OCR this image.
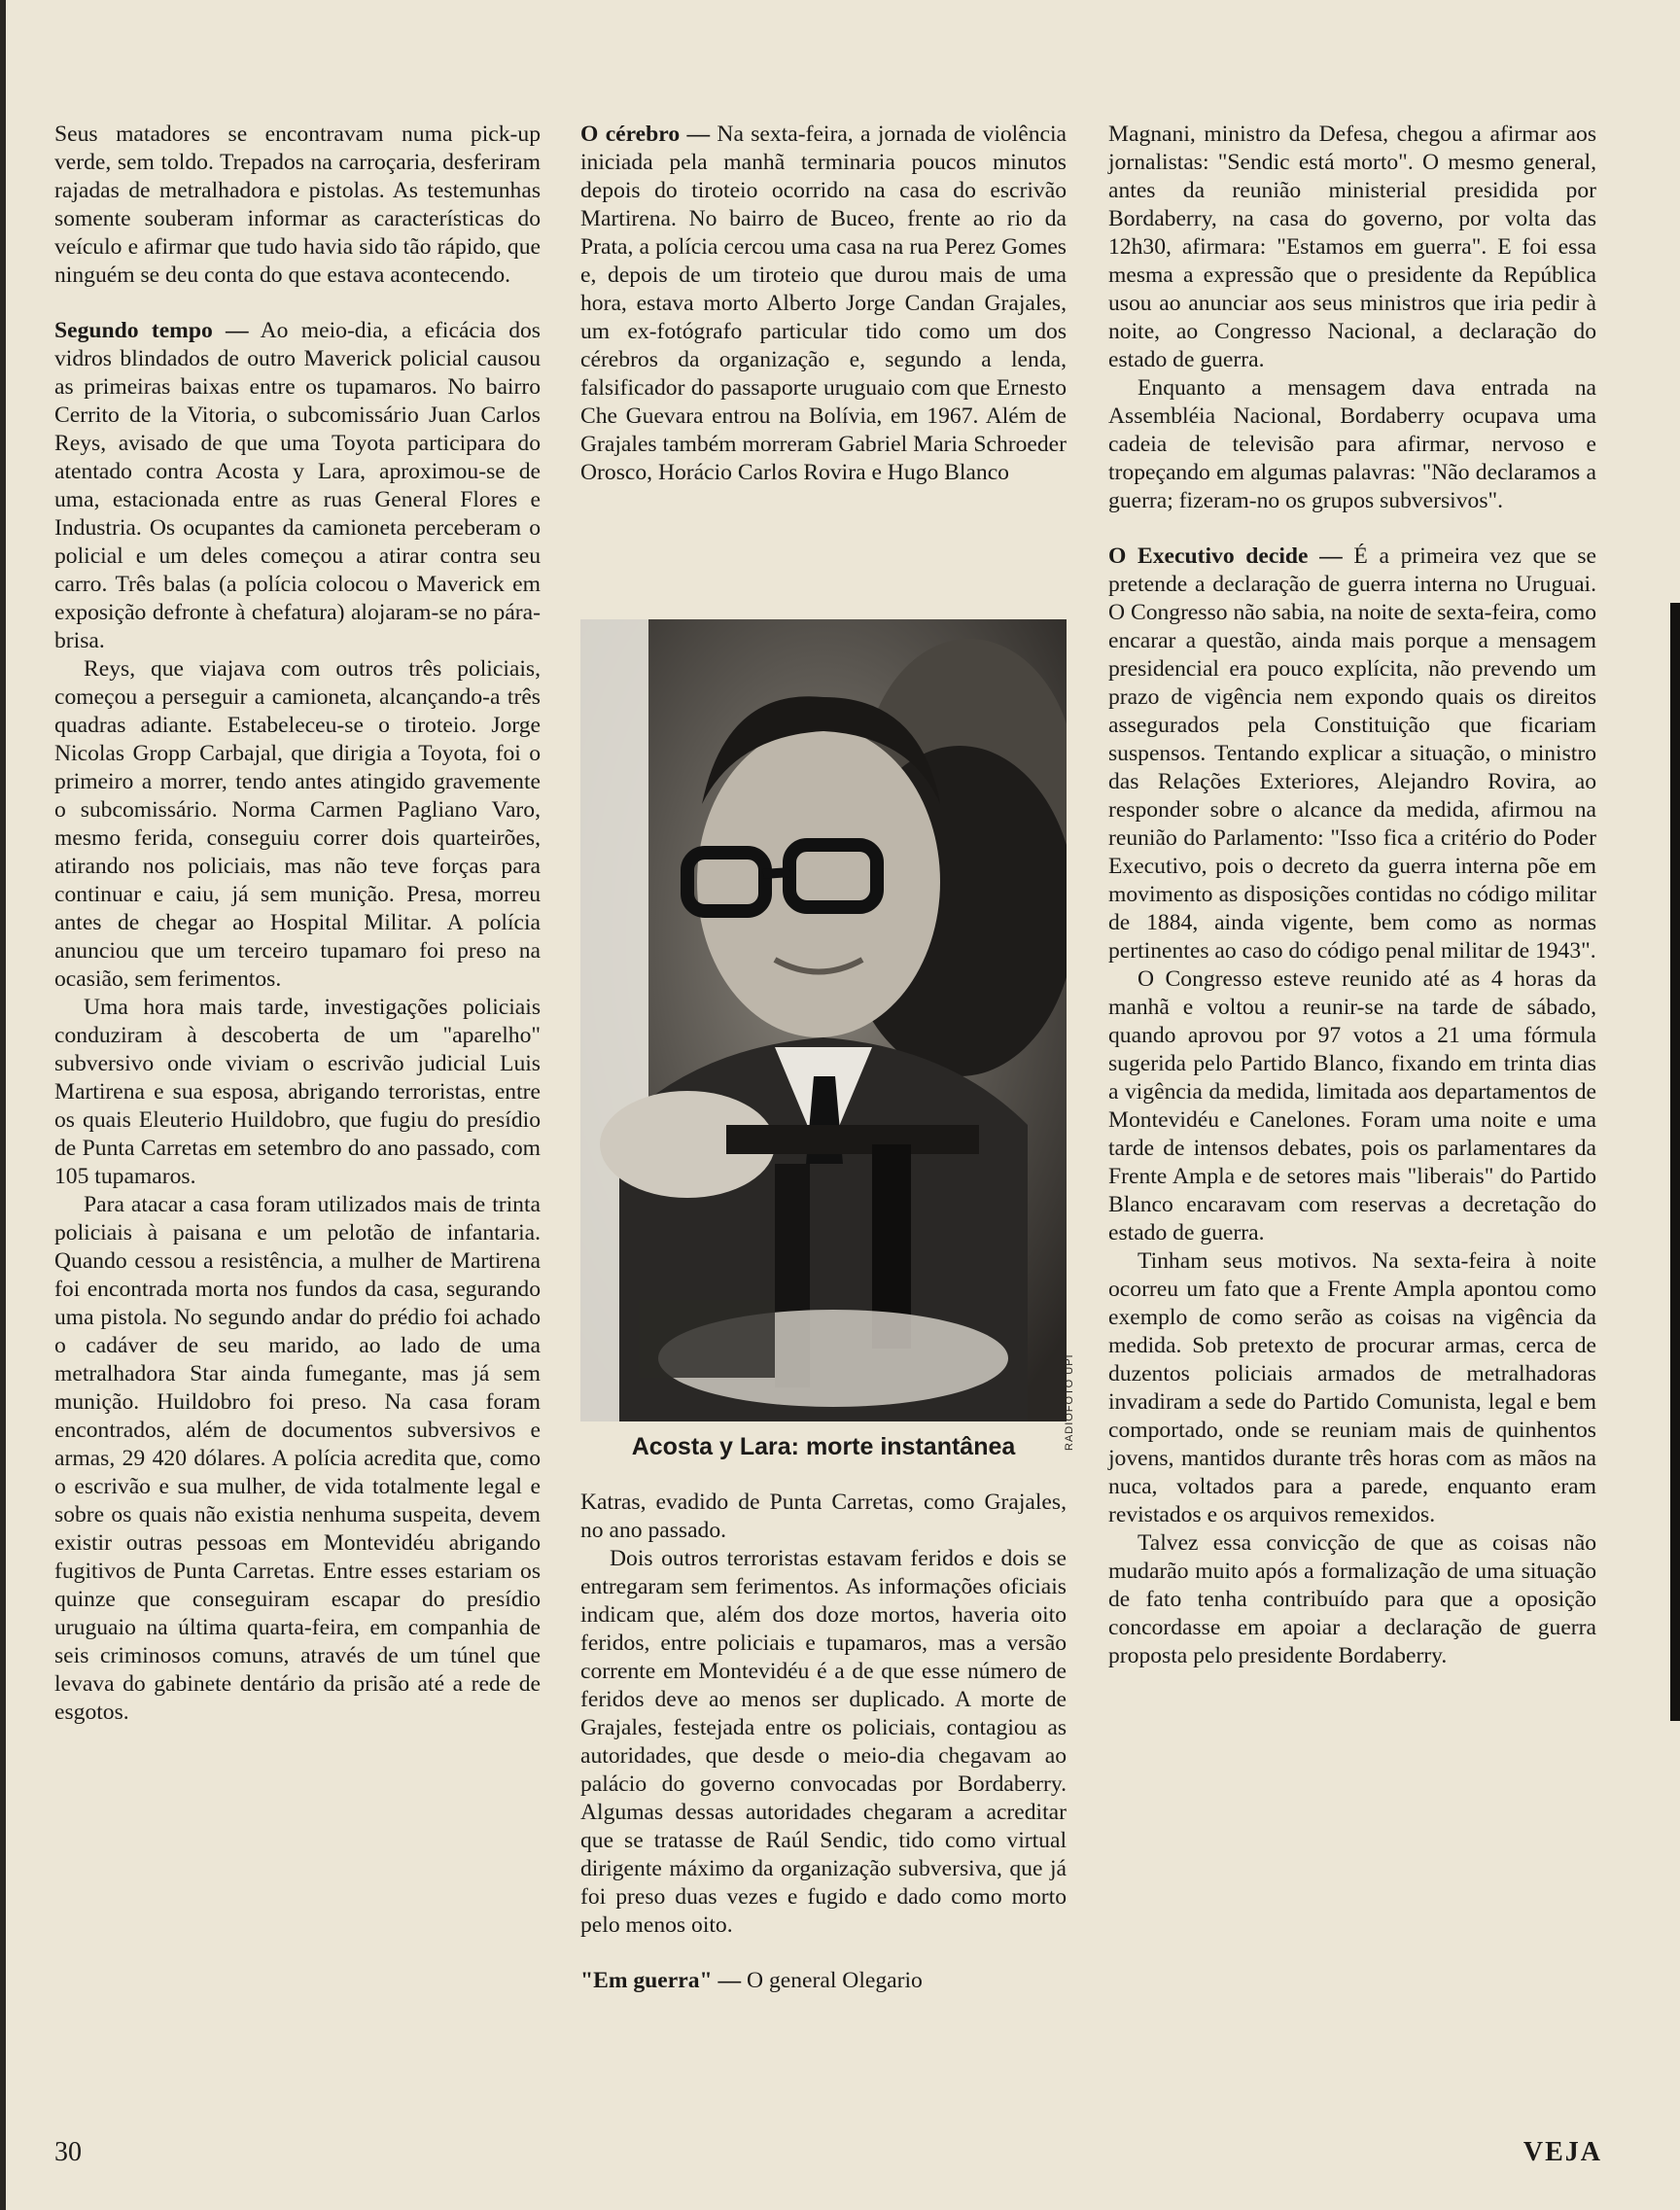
Seus matadores se encontravam numa pick-up verde, sem toldo. Trepados na carroçaria, desferiram rajadas de metralhadora e pistolas. As testemunhas somente souberam informar as características do veículo e afirmar que tudo havia sido tão rápido, que ninguém se deu conta do que estava acontecendo.

Segundo tempo — Ao meio-dia, a eficácia dos vidros blindados de outro Maverick policial causou as primeiras baixas entre os tupamaros. No bairro Cerrito de la Vitoria, o subcomissário Juan Carlos Reys, avisado de que uma Toyota participara do atentado contra Acosta y Lara, aproximou-se de uma, estacionada entre as ruas General Flores e Industria. Os ocupantes da camioneta perceberam o policial e um deles começou a atirar contra seu carro. Três balas (a polícia colocou o Maverick em exposição defronte à chefatura) alojaram-se no pára-brisa.

Reys, que viajava com outros três policiais, começou a perseguir a camioneta, alcançando-a três quadras adiante. Estabeleceu-se o tiroteio. Jorge Nicolas Gropp Carbajal, que dirigia a Toyota, foi o primeiro a morrer, tendo antes atingido gravemente o subcomissário. Norma Carmen Pagliano Varo, mesmo ferida, conseguiu correr dois quarteirões, atirando nos policiais, mas não teve forças para continuar e caiu, já sem munição. Presa, morreu antes de chegar ao Hospital Militar. A polícia anunciou que um terceiro tupamaro foi preso na ocasião, sem ferimentos.

Uma hora mais tarde, investigações policiais conduziram à descoberta de um "aparelho" subversivo onde viviam o escrivão judicial Luis Martirena e sua esposa, abrigando terroristas, entre os quais Eleuterio Huildobro, que fugiu do presídio de Punta Carretas em setembro do ano passado, com 105 tupamaros.

Para atacar a casa foram utilizados mais de trinta policiais à paisana e um pelotão de infantaria. Quando cessou a resistência, a mulher de Martirena foi encontrada morta nos fundos da casa, segurando uma pistola. No segundo andar do prédio foi achado o cadáver de seu marido, ao lado de uma metralhadora Star ainda fumegante, mas já sem munição. Huildobro foi preso. Na casa foram encontrados, além de documentos subversivos e armas, 29 420 dólares. A polícia acredita que, como o escrivão e sua mulher, de vida totalmente legal e sobre os quais não existia nenhuma suspeita, devem existir outras pessoas em Montevidéu abrigando fugitivos de Punta Carretas. Entre esses estariam os quinze que conseguiram escapar do presídio uruguaio na última quarta-feira, em companhia de seis criminosos comuns, através de um túnel que levava do gabinete dentário da prisão até a rede de esgotos.

O cérebro — Na sexta-feira, a jornada de violência iniciada pela manhã terminaria poucos minutos depois do tiroteio ocorrido na casa do escrivão Martirena. No bairro de Buceo, frente ao rio da Prata, a polícia cercou uma casa na rua Perez Gomes e, depois de um tiroteio que durou mais de uma hora, estava morto Alberto Jorge Candan Grajales, um ex-fotógrafo particular tido como um dos cérebros da organização e, segundo a lenda, falsificador do passaporte uruguaio com que Ernesto Che Guevara entrou na Bolívia, em 1967. Além de Grajales também morreram Gabriel Maria Schroeder Orosco, Horácio Carlos Rovira e Hugo Blanco

RADIOFOTO UPI
Acosta y Lara: morte instantânea

Katras, evadido de Punta Carretas, como Grajales, no ano passado.

Dois outros terroristas estavam feridos e dois se entregaram sem ferimentos. As informações oficiais indicam que, além dos doze mortos, haveria oito feridos, entre policiais e tupamaros, mas a versão corrente em Montevidéu é a de que esse número de feridos deve ao menos ser duplicado. A morte de Grajales, festejada entre os policiais, contagiou as autoridades, que desde o meio-dia chegavam ao palácio do governo convocadas por Bordaberry. Algumas dessas autoridades chegaram a acreditar que se tratasse de Raúl Sendic, tido como virtual dirigente máximo da organização subversiva, que já foi preso duas vezes e fugido e dado como morto pelo menos oito.

"Em guerra" — O general Olegario

Magnani, ministro da Defesa, chegou a afirmar aos jornalistas: "Sendic está morto". O mesmo general, antes da reunião ministerial presidida por Bordaberry, na casa do governo, por volta das 12h30, afirmara: "Estamos em guerra". E foi essa mesma a expressão que o presidente da República usou ao anunciar aos seus ministros que iria pedir à noite, ao Congresso Nacional, a declaração do estado de guerra.

Enquanto a mensagem dava entrada na Assembléia Nacional, Bordaberry ocupava uma cadeia de televisão para afirmar, nervoso e tropeçando em algumas palavras: "Não declaramos a guerra; fizeram-no os grupos subversivos".

O Executivo decide — É a primeira vez que se pretende a declaração de guerra interna no Uruguai. O Congresso não sabia, na noite de sexta-feira, como encarar a questão, ainda mais porque a mensagem presidencial era pouco explícita, não prevendo um prazo de vigência nem expondo quais os direitos assegurados pela Constituição que ficariam suspensos. Tentando explicar a situação, o ministro das Relações Exteriores, Alejandro Rovira, ao responder sobre o alcance da medida, afirmou na reunião do Parlamento: "Isso fica a critério do Poder Executivo, pois o decreto da guerra interna põe em movimento as disposições contidas no código militar de 1884, ainda vigente, bem como as normas pertinentes ao caso do código penal militar de 1943".

O Congresso esteve reunido até as 4 horas da manhã e voltou a reunir-se na tarde de sábado, quando aprovou por 97 votos a 21 uma fórmula sugerida pelo Partido Blanco, fixando em trinta dias a vigência da medida, limitada aos departamentos de Montevidéu e Canelones. Foram uma noite e uma tarde de intensos debates, pois os parlamentares da Frente Ampla e de setores mais "liberais" do Partido Blanco encaravam com reservas a decretação do estado de guerra.

Tinham seus motivos. Na sexta-feira à noite ocorreu um fato que a Frente Ampla apontou como exemplo de como serão as coisas na vigência da medida. Sob pretexto de procurar armas, cerca de duzentos policiais armados de metralhadoras invadiram a sede do Partido Comunista, legal e bem comportado, onde se reuniam mais de quinhentos jovens, mantidos durante três horas com as mãos na nuca, voltados para a parede, enquanto eram revistados e os arquivos remexidos.

Talvez essa convicção de que as coisas não mudarão muito após a formalização de uma situação de fato tenha contribuído para que a oposição concordasse em apoiar a declaração de guerra proposta pelo presidente Bordaberry.

30	VEJA
